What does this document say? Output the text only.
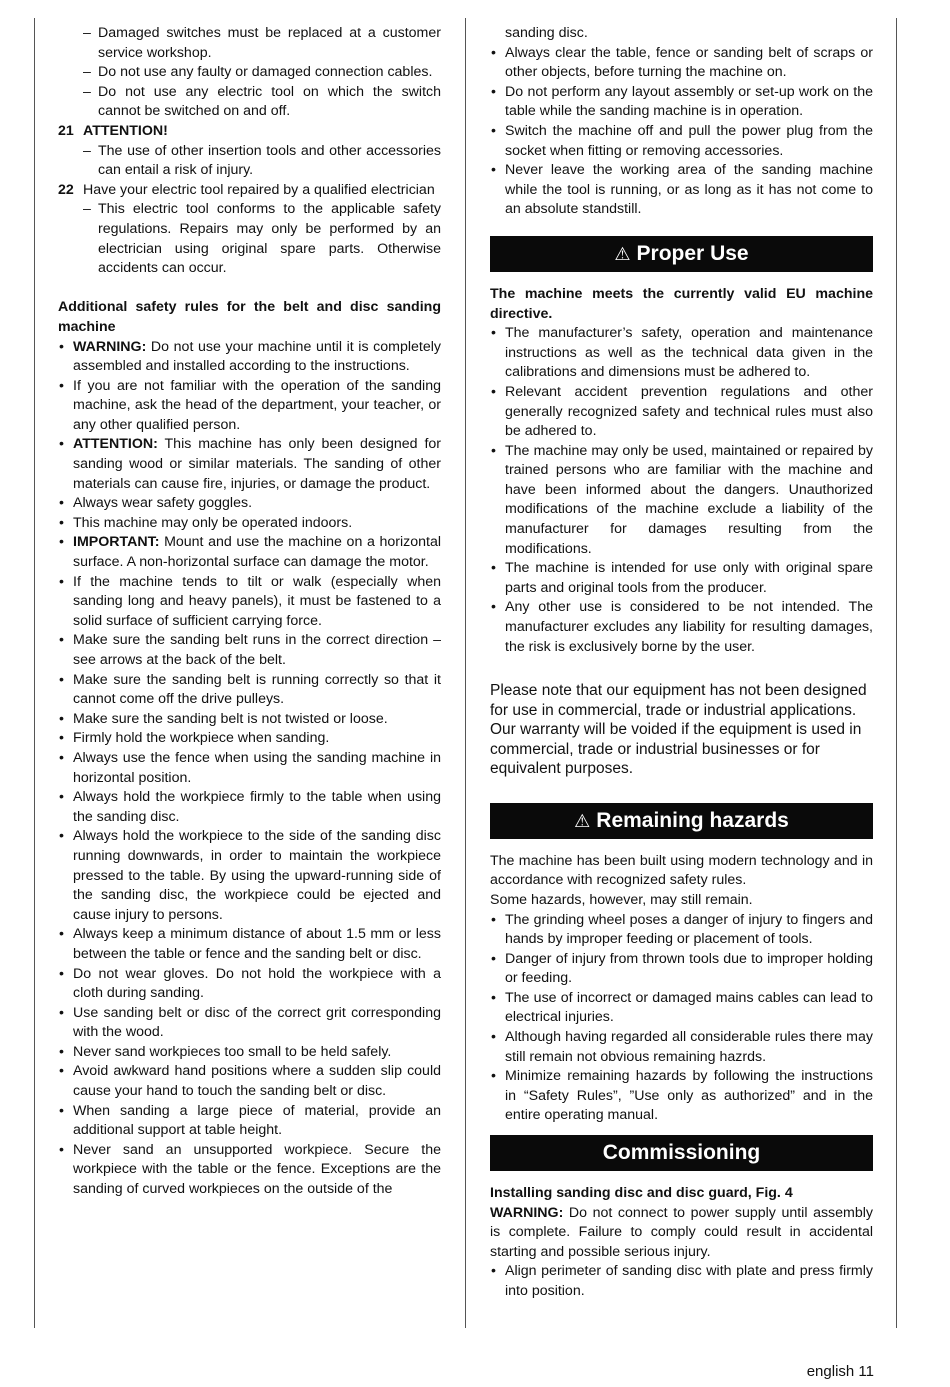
– Damaged switches must be replaced at a customer service workshop.
– Do not use any faulty or damaged connection cables.
– Do not use any electric tool on which the switch cannot be switched on and off.
21 ATTENTION!
– The use of other insertion tools and other accessories can entail a risk of injury.
22 Have your electric tool repaired by a qualified electrician
– This electric tool conforms to the applicable safety regulations. Repairs may only be performed by an electrician using original spare parts. Otherwise accidents can occur.
Additional safety rules for the belt and disc sanding machine
• WARNING: Do not use your machine until it is completely assembled and installed according to the instructions.
• If you are not familiar with the operation of the sanding machine, ask the head of the department, your teacher, or any other qualified person.
• ATTENTION: This machine has only been designed for sanding wood or similar materials. The sanding of other materials can cause fire, injuries, or damage the product.
• Always wear safety goggles.
• This machine may only be operated indoors.
• IMPORTANT: Mount and use the machine on a horizontal surface. A non-horizontal surface can damage the motor.
• If the machine tends to tilt or walk (especially when sanding long and heavy panels), it must be fastened to a solid surface of sufficient carrying force.
• Make sure the sanding belt runs in the correct direction – see arrows at the back of the belt.
• Make sure the sanding belt is running correctly so that it cannot come off the drive pulleys.
• Make sure the sanding belt is not twisted or loose.
• Firmly hold the workpiece when sanding.
• Always use the fence when using the sanding machine in horizontal position.
• Always hold the workpiece firmly to the table when using the sanding disc.
• Always hold the workpiece to the side of the sanding disc running downwards, in order to maintain the workpiece pressed to the table. By using the upward-running side of the sanding disc, the workpiece could be ejected and cause injury to persons.
• Always keep a minimum distance of about 1.5 mm or less between the table or fence and the sanding belt or disc.
• Do not wear gloves. Do not hold the workpiece with a cloth during sanding.
• Use sanding belt or disc of the correct grit corresponding with the wood.
• Never sand workpieces too small to be held safely.
• Avoid awkward hand positions where a sudden slip could cause your hand to touch the sanding belt or disc.
• When sanding a large piece of material, provide an additional support at table height.
• Never sand an unsupported workpiece. Secure the workpiece with the table or the fence. Exceptions are the sanding of curved workpieces on the outside of the
sanding disc.
• Always clear the table, fence or sanding belt of scraps or other objects, before turning the machine on.
• Do not perform any layout assembly or set-up work on the table while the sanding machine is in operation.
• Switch the machine off and pull the power plug from the socket when fitting or removing accessories.
• Never leave the working area of the sanding machine while the tool is running, or as long as it has not come to an absolute standstill.
⚠ Proper Use
The machine meets the currently valid EU machine directive.
• The manufacturer’s safety, operation and maintenance instructions as well as the technical data given in the calibrations and dimensions must be adhered to.
• Relevant accident prevention regulations and other generally recognized safety and technical rules must also be adhered to.
• The machine may only be used, maintained or repaired by trained persons who are familiar with the machine and have been informed about the dangers. Unauthorized modifications of the machine exclude a liability of the manufacturer for damages resulting from the modifications.
• The machine is intended for use only with original spare parts and original tools from the producer.
• Any other use is considered to be not intended. The manufacturer excludes any liability for resulting damages, the risk is exclusively borne by the user.
Please note that our equipment has not been designed for use in commercial, trade or industrial applications. Our warranty will be voided if the equipment is used in commercial, trade or industrial businesses or for equivalent purposes.
⚠ Remaining hazards
The machine has been built using modern technology and in accordance with recognized safety rules.
Some hazards, however, may still remain.
• The grinding wheel poses a danger of injury to fingers and hands by improper feeding or placement of tools.
• Danger of injury from thrown tools due to improper holding or feeding.
• The use of incorrect or damaged mains cables can lead to electrical injuries.
• Although having regarded all considerable rules there may still remain not obvious remaining hazrds.
• Minimize remaining hazards by following the instructions in “Safety Rules”, ”Use only as authorized” and in the entire operating manual.
Commissioning
Installing sanding disc and disc guard, Fig. 4
WARNING: Do not connect to power supply until assembly is complete. Failure to comply could result in accidental starting and possible serious injury.
• Align perimeter of sanding disc with plate and press firmly into position.
english 11
